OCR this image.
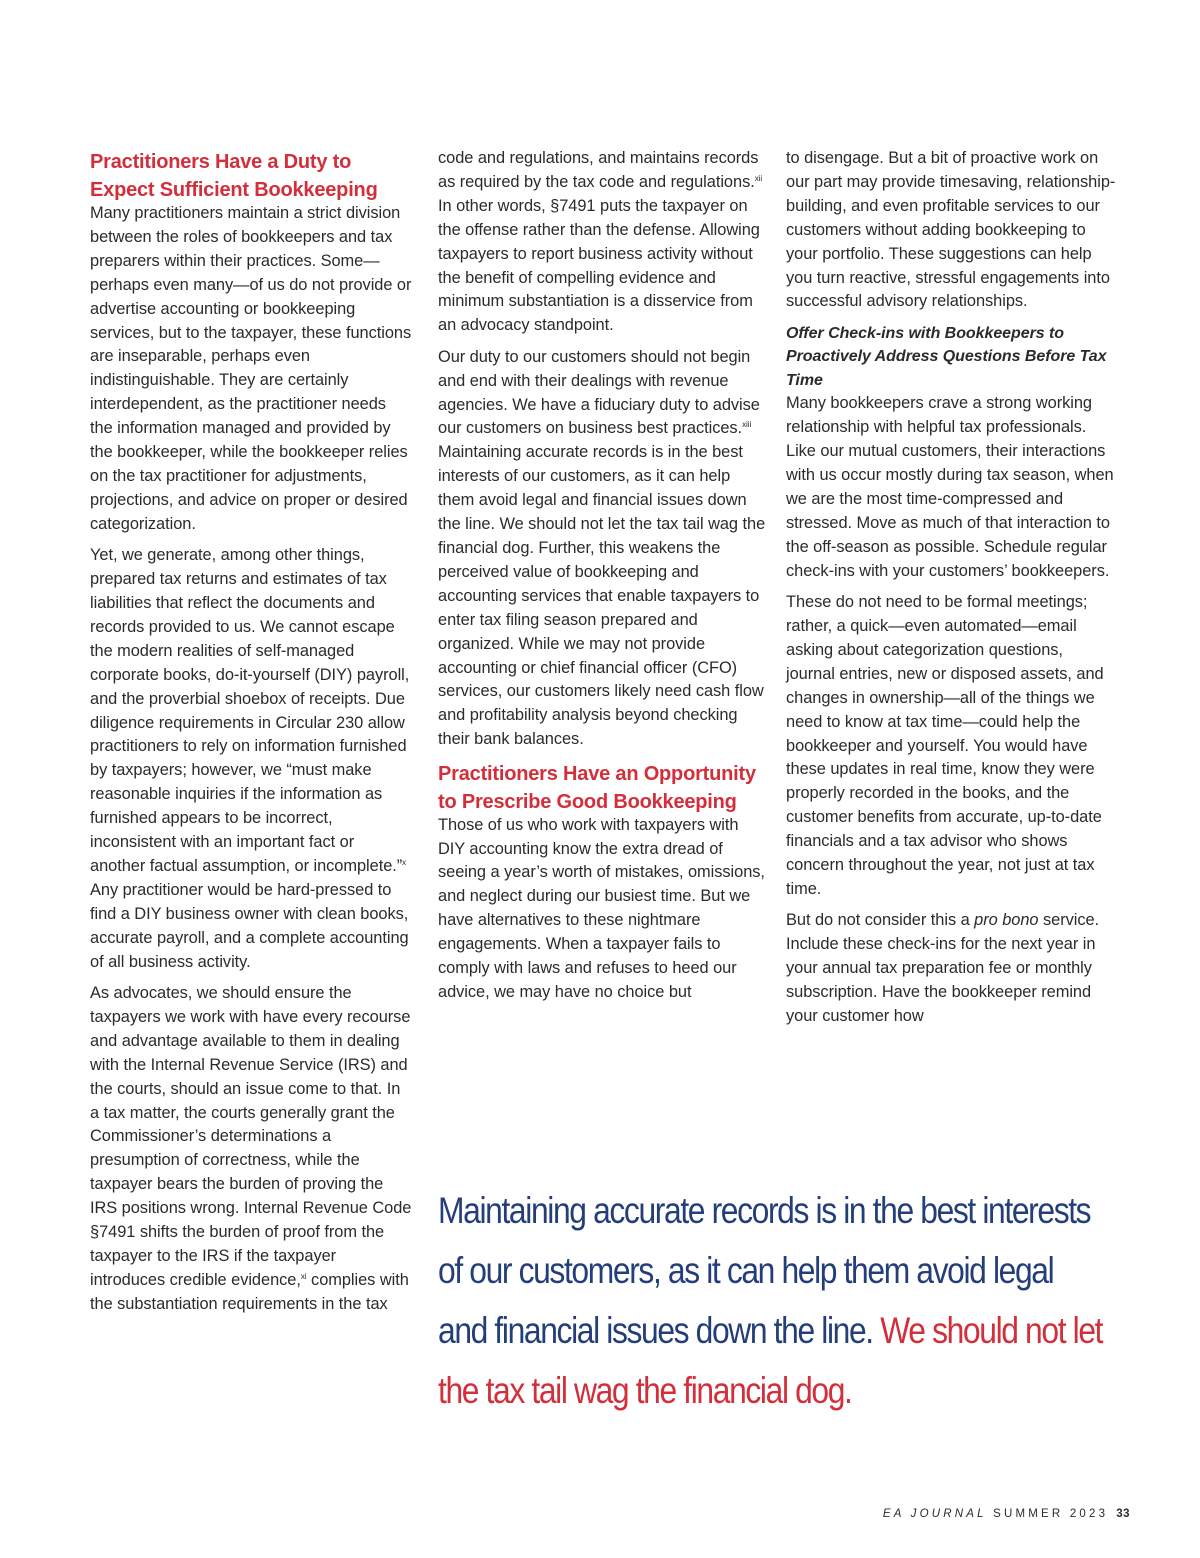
Practitioners Have a Duty to Expect Sufficient Bookkeeping

Many practitioners maintain a strict division between the roles of bookkeepers and tax preparers within their practices. Some—perhaps even many—of us do not provide or advertise accounting or bookkeeping services, but to the taxpayer, these functions are inseparable, perhaps even indistinguishable. They are certainly interdependent, as the practitioner needs the information managed and provided by the bookkeeper, while the bookkeeper relies on the tax practitioner for adjustments, projections, and advice on proper or desired categorization.

Yet, we generate, among other things, prepared tax returns and estimates of tax liabilities that reflect the documents and records provided to us. We cannot escape the modern realities of self-managed corporate books, do-it-yourself (DIY) payroll, and the proverbial shoebox of receipts. Due diligence requirements in Circular 230 allow practitioners to rely on information furnished by taxpayers; however, we “must make reasonable inquiries if the information as furnished appears to be incorrect, inconsistent with an important fact or another factual assumption, or incomplete.”$^x$ Any practitioner would be hard-pressed to find a DIY business owner with clean books, accurate payroll, and a complete accounting of all business activity.

As advocates, we should ensure the taxpayers we work with have every recourse and advantage available to them in dealing with the Internal Revenue Service (IRS) and the courts, should an issue come to that. In a tax matter, the courts generally grant the Commissioner’s determinations a presumption of correctness, while the taxpayer bears the burden of proving the IRS positions wrong. Internal Revenue Code §7491 shifts the burden of proof from the taxpayer to the IRS if the taxpayer introduces credible evidence,$^{xi}$ complies with the substantiation requirements in the tax

code and regulations, and maintains records as required by the tax code and regulations.$^{xii}$ In other words, §7491 puts the taxpayer on the offense rather than the defense. Allowing taxpayers to report business activity without the benefit of compelling evidence and minimum substantiation is a disservice from an advocacy standpoint.

Our duty to our customers should not begin and end with their dealings with revenue agencies. We have a fiduciary duty to advise our customers on business best practices.$^{xiii}$ Maintaining accurate records is in the best interests of our customers, as it can help them avoid legal and financial issues down the line. We should not let the tax tail wag the financial dog. Further, this weakens the perceived value of bookkeeping and accounting services that enable taxpayers to enter tax filing season prepared and organized. While we may not provide accounting or chief financial officer (CFO) services, our customers likely need cash flow and profitability analysis beyond checking their bank balances.

Practitioners Have an Opportunity to Prescribe Good Bookkeeping

Those of us who work with taxpayers with DIY accounting know the extra dread of seeing a year’s worth of mistakes, omissions, and neglect during our busiest time. But we have alternatives to these nightmare engagements. When a taxpayer fails to comply with laws and refuses to heed our advice, we may have no choice but

to disengage. But a bit of proactive work on our part may provide timesaving, relationship-building, and even profitable services to our customers without adding bookkeeping to your portfolio. These suggestions can help you turn reactive, stressful engagements into successful advisory relationships.

Offer Check-ins with Bookkeepers to Proactively Address Questions Before Tax Time

Many bookkeepers crave a strong working relationship with helpful tax professionals. Like our mutual customers, their interactions with us occur mostly during tax season, when we are the most time-compressed and stressed. Move as much of that interaction to the off-season as possible. Schedule regular check-ins with your customers’ bookkeepers.

These do not need to be formal meetings; rather, a quick—even automated—email asking about categorization questions, journal entries, new or disposed assets, and changes in ownership—all of the things we need to know at tax time—could help the bookkeeper and yourself. You would have these updates in real time, know they were properly recorded in the books, and the customer benefits from accurate, up-to-date financials and a tax advisor who shows concern throughout the year, not just at tax time.

But do not consider this a pro bono service. Include these check-ins for the next year in your annual tax preparation fee or monthly subscription. Have the bookkeeper remind your customer how

Maintaining accurate records is in the best interests of our customers, as it can help them avoid legal and financial issues down the line. We should not let the tax tail wag the financial dog.
EA JOURNAL SUMMER 2023 33
